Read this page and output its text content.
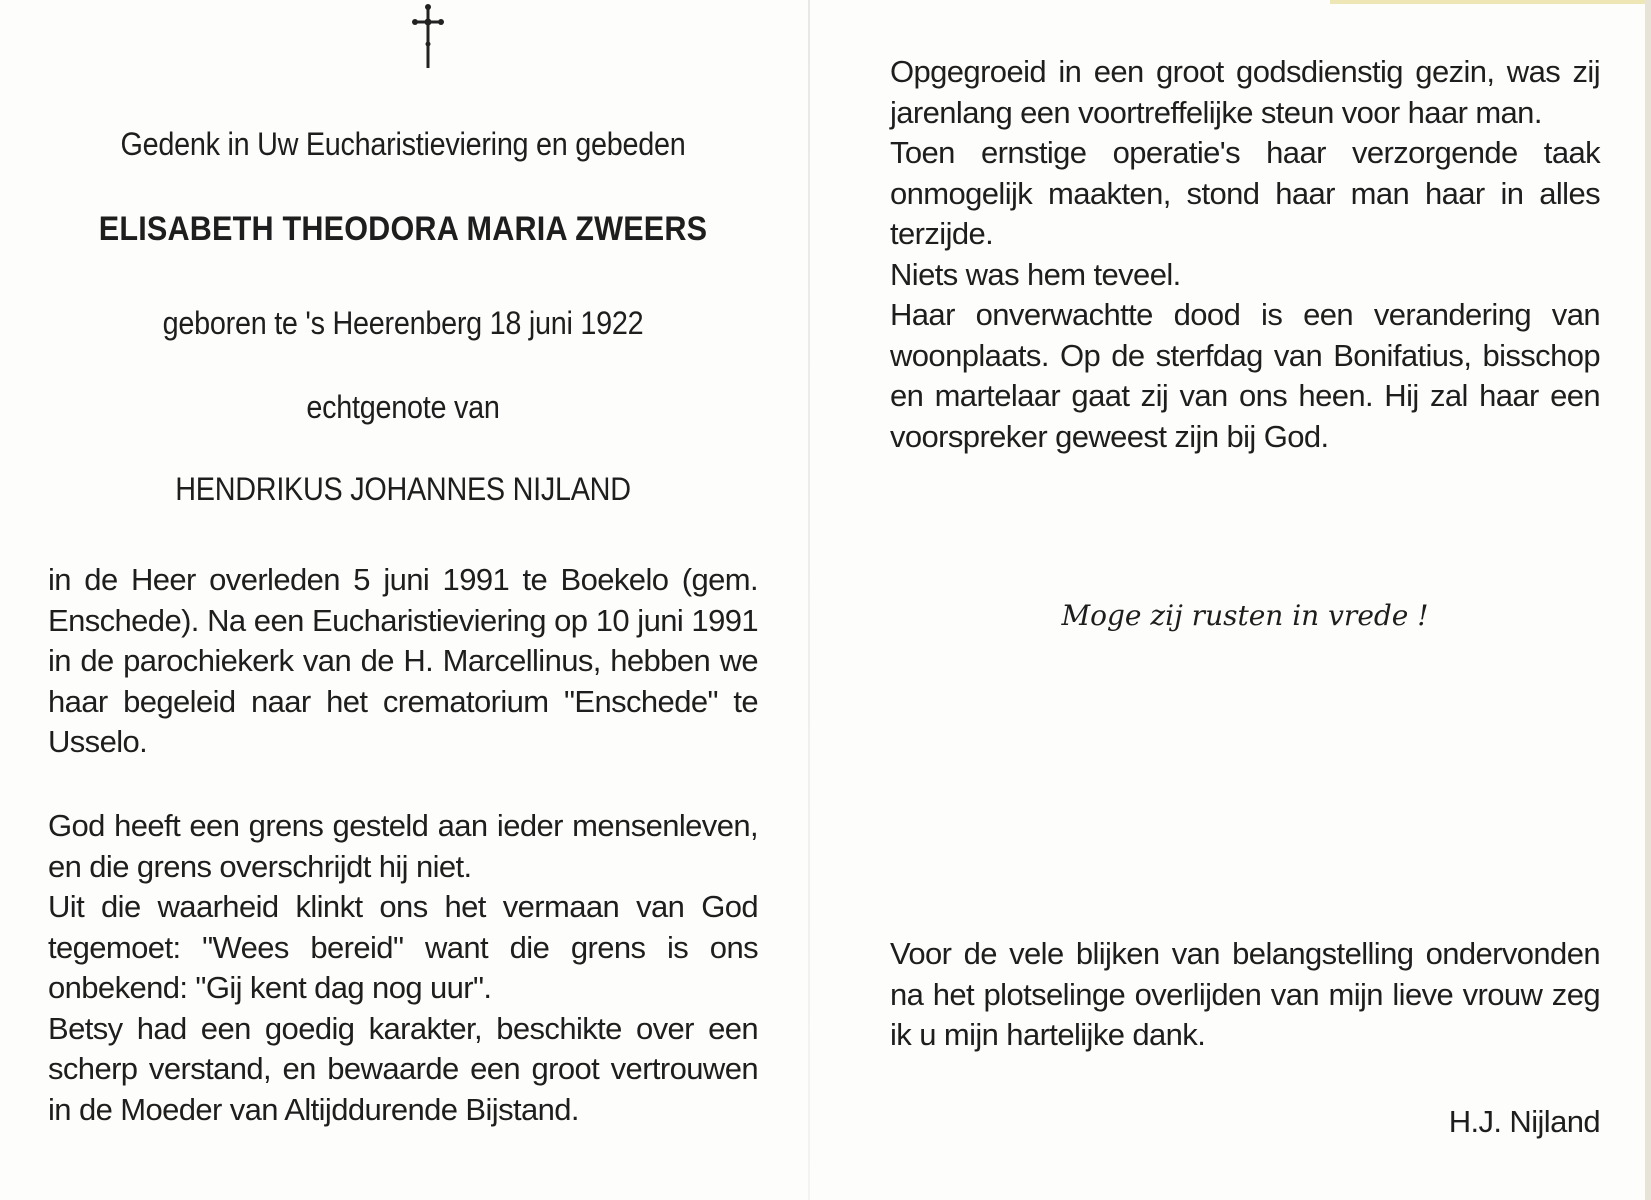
Gedenk in Uw Eucharistieviering en gebeden
ELISABETH THEODORA MARIA ZWEERS
geboren te 's Heerenberg 18 juni 1922
echtgenote van
HENDRIKUS JOHANNES NIJLAND

in de Heer overleden 5 juni 1991 te Boekelo (gem. Enschede). Na een Eucharistieviering op 10 juni 1991 in de parochiekerk van de H. Marcellinus, hebben we haar begeleid naar het crematorium "Enschede" te Usselo.

God heeft een grens gesteld aan ieder mensenleven, en die grens overschrijdt hij niet.

Uit die waarheid klinkt ons het vermaan van God tegemoet: "Wees bereid" want die grens is ons onbekend: "Gij kent dag nog uur".

Betsy had een goedig karakter, beschikte over een scherp verstand, en bewaarde een groot vertrouwen in de Moeder van Altijddurende Bijstand.

Opgegroeid in een groot godsdienstig gezin, was zij jarenlang een voortreffelijke steun voor haar man.

Toen ernstige operatie's haar verzorgende taak onmogelijk maakten, stond haar man haar in alles terzijde.

Niets was hem teveel.

Haar onverwachtte dood is een verandering van woonplaats. Op de sterfdag van Bonifatius, bisschop en martelaar gaat zij van ons heen. Hij zal haar een voorspreker geweest zijn bij God.

Moge zij rusten in vrede !

Voor de vele blijken van belangstelling ondervonden na het plotselinge overlijden van mijn lieve vrouw zeg ik u mijn hartelijke dank.

H.J. Nijland
